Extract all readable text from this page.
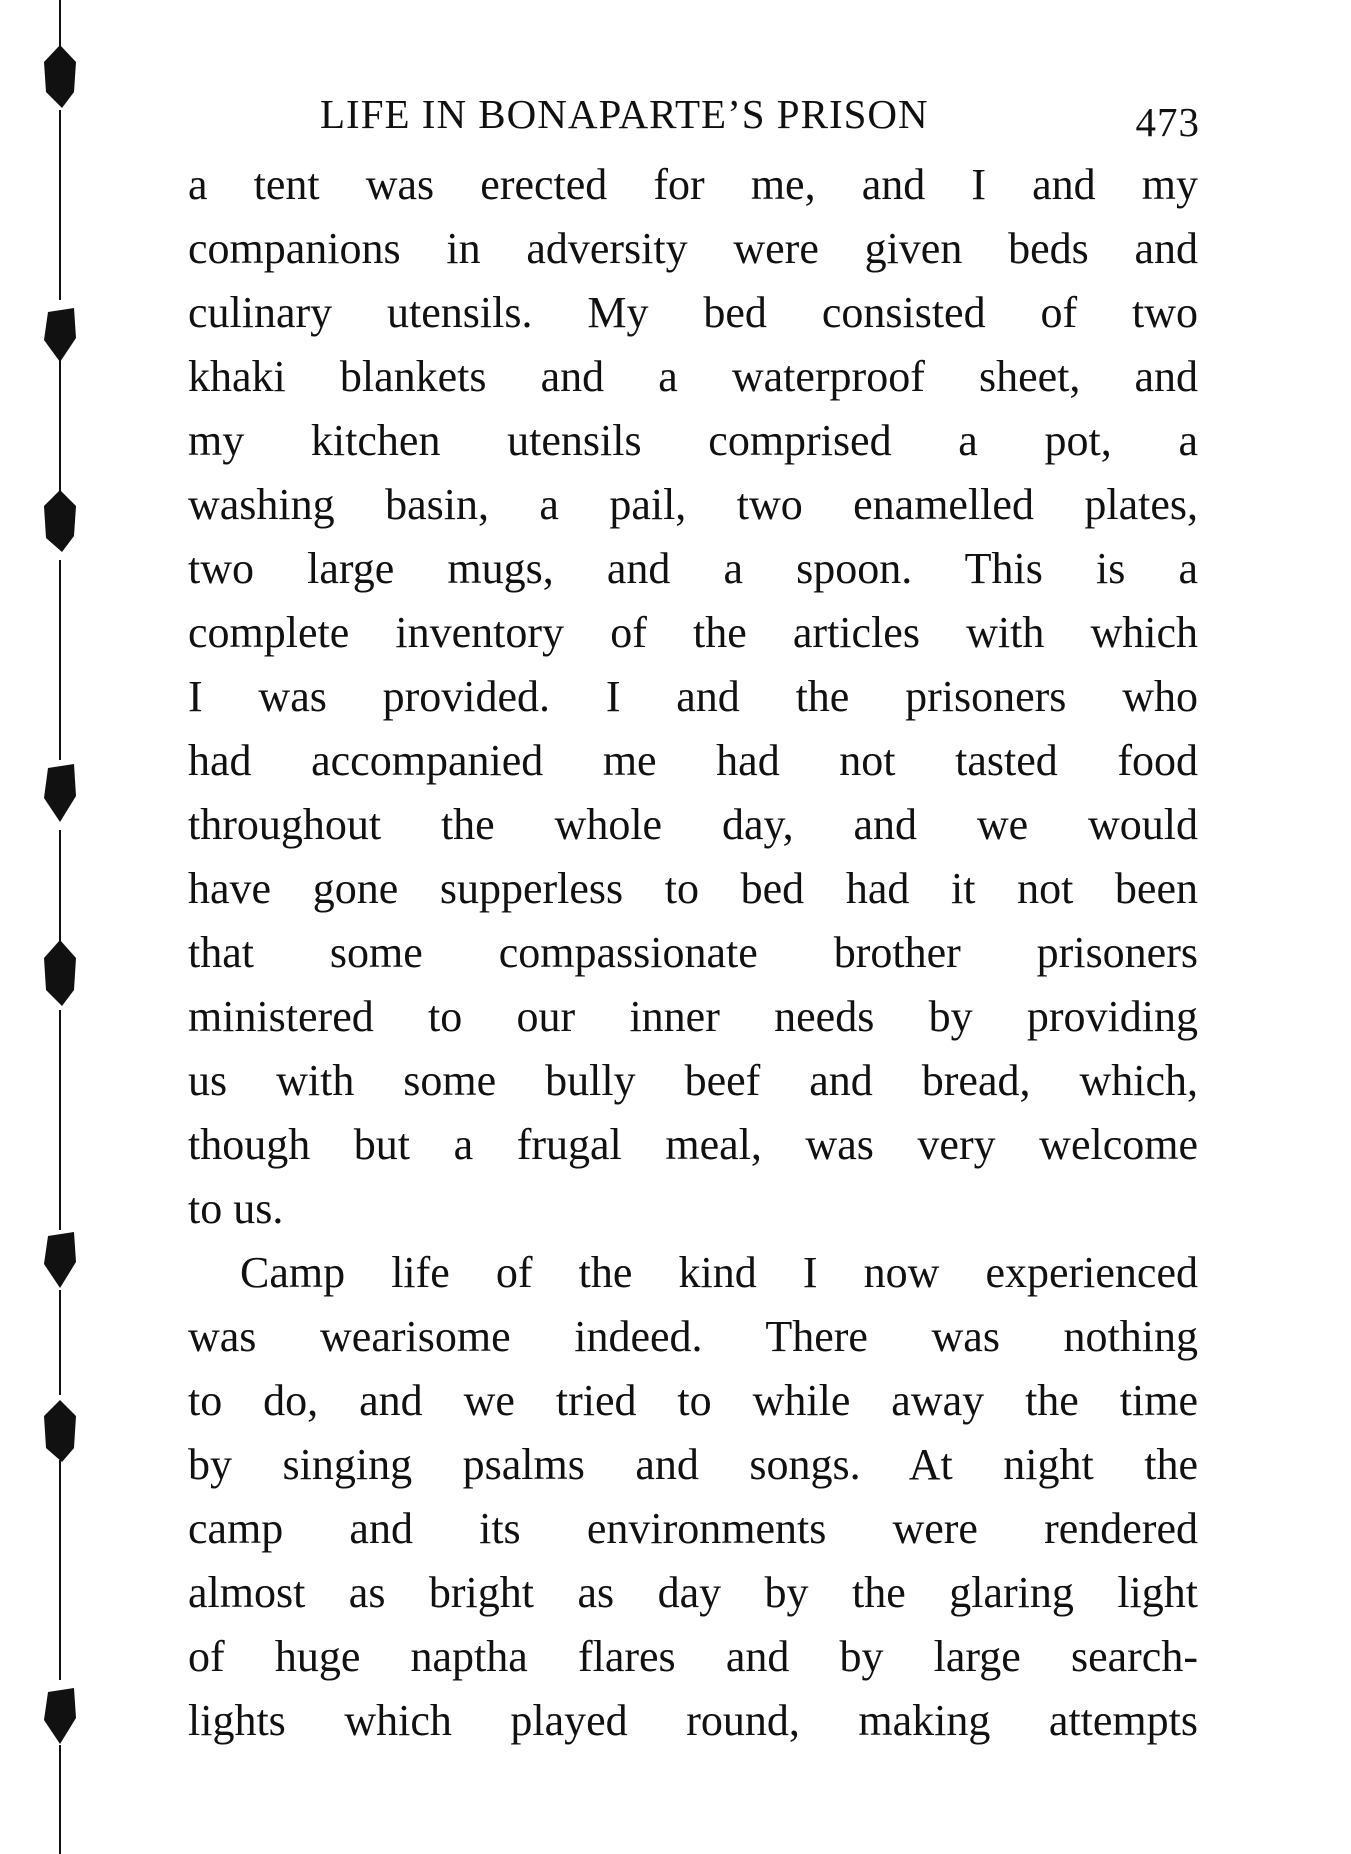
LIFE IN BONAPARTE’S PRISON	473
a tent was erected for me, and I and my
companions in adversity were given beds and
culinary utensils. My bed consisted of two
khaki blankets and a waterproof sheet, and
my kitchen utensils comprised a pot, a
washing basin, a pail, two enamelled plates,
two large mugs, and a spoon. This is a
complete inventory of the articles with which
I was provided. I and the prisoners who
had accompanied me had not tasted food
throughout the whole day, and we would
have gone supperless to bed had it not been
that some compassionate brother prisoners
ministered to our inner needs by providing
us with some bully beef and bread, which,
though but a frugal meal, was very welcome
to us.
Camp life of the kind I now experienced
was wearisome indeed. There was nothing
to do, and we tried to while away the time
by singing psalms and songs. At night the
camp and its environments were rendered
almost as bright as day by the glaring light
of huge naptha flares and by large search-
lights which played round, making attempts
